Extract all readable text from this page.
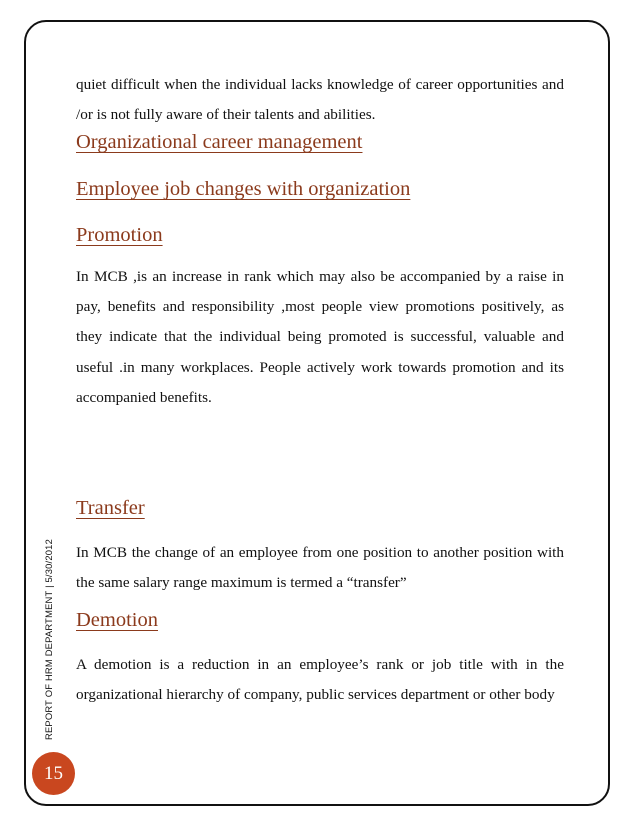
quiet difficult when the individual lacks knowledge of career opportunities and /or is not fully aware of their talents and abilities.

Organizational career management
Employee job changes with organization
Promotion

In MCB ,is an increase in rank which may also be accompanied by a raise in pay, benefits and responsibility ,most people view promotions positively, as they indicate that the individual being promoted is successful, valuable and useful .in many workplaces. People actively work towards promotion and its accompanied benefits.

Transfer

In MCB the change of an employee from one position to another position with the same salary range maximum is termed a “transfer”

Demotion

A demotion is a reduction in an employee’s rank or job title with in the organizational hierarchy of company, public services department or other body

REPORT OF HRM DEPARTMENT | 5/30/2012
15
